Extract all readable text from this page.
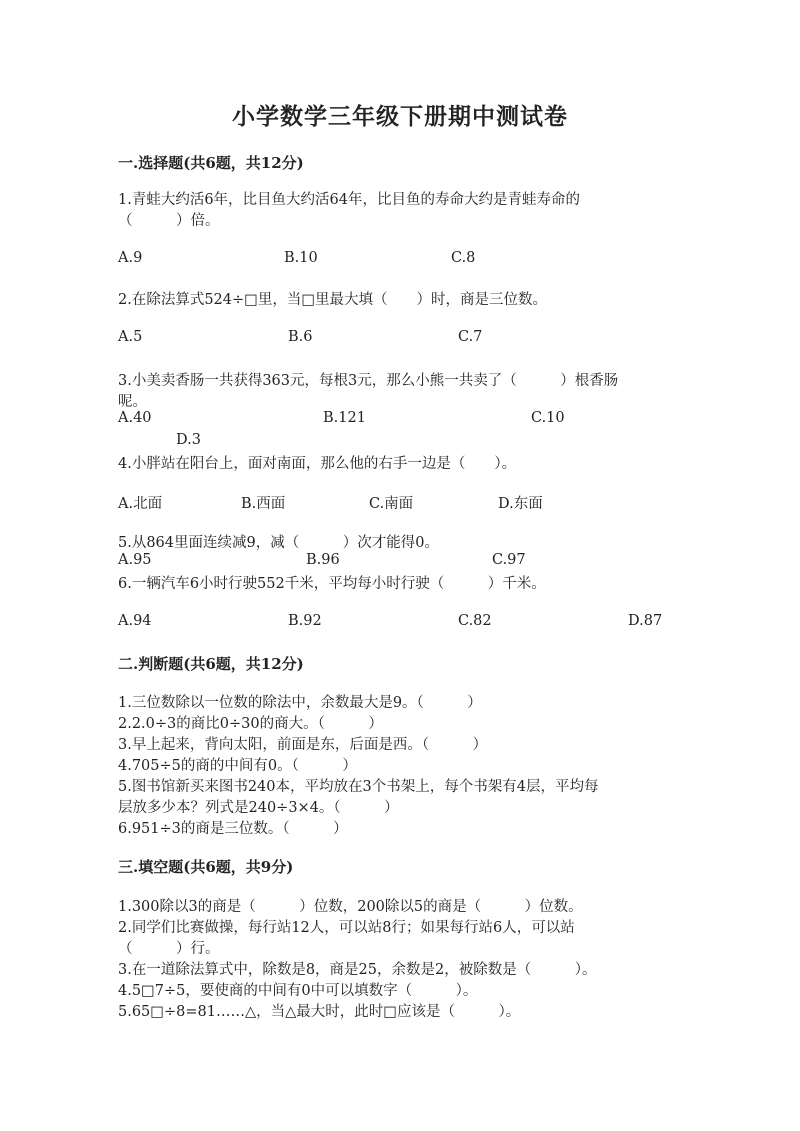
小学数学三年级下册期中测试卷
一.选择题(共6题，共12分)
1.青蛙大约活6年，比目鱼大约活64年，比目鱼的寿命大约是青蛙寿命的
（　　　）倍。
A.9	B.10	C.8
2.在除法算式524÷□里，当□里最大填（　　）时，商是三位数。
A.5	B.6	C.7
3.小美卖香肠一共获得363元，每根3元，那么小熊一共卖了（　　　）根香肠
呢。
A.40	B.121	C.10
D.3
4.小胖站在阳台上，面对南面，那么他的右手一边是（　　）。
A.北面	B.西面	C.南面	D.东面
5.从864里面连续减9，减（　　　）次才能得0。
A.95	B.96	C.97
6.一辆汽车6小时行驶552千米，平均每小时行驶（　　　）千米。
A.94	B.92	C.82	D.87
二.判断题(共6题，共12分)
1.三位数除以一位数的除法中，余数最大是9。（　　　）
2.2.0÷3的商比0÷30的商大。（　　　）
3.早上起来，背向太阳，前面是东，后面是西。（　　　）
4.705÷5的商的中间有0。（　　　）
5.图书馆新买来图书240本，平均放在3个书架上，每个书架有4层，平均每
层放多少本？列式是240÷3×4。（　　　）
6.951÷3的商是三位数。（　　　）
三.填空题(共6题，共9分)
1.300除以3的商是（　　　）位数，200除以5的商是（　　　）位数。
2.同学们比赛做操，每行站12人，可以站8行；如果每行站6人，可以站
（　　　）行。
3.在一道除法算式中，除数是8，商是25，余数是2，被除数是（　　　）。
4.5□7÷5，要使商的中间有0中可以填数字（　　　）。
5.65□÷8=81……△，当△最大时，此时□应该是（　　　）。
